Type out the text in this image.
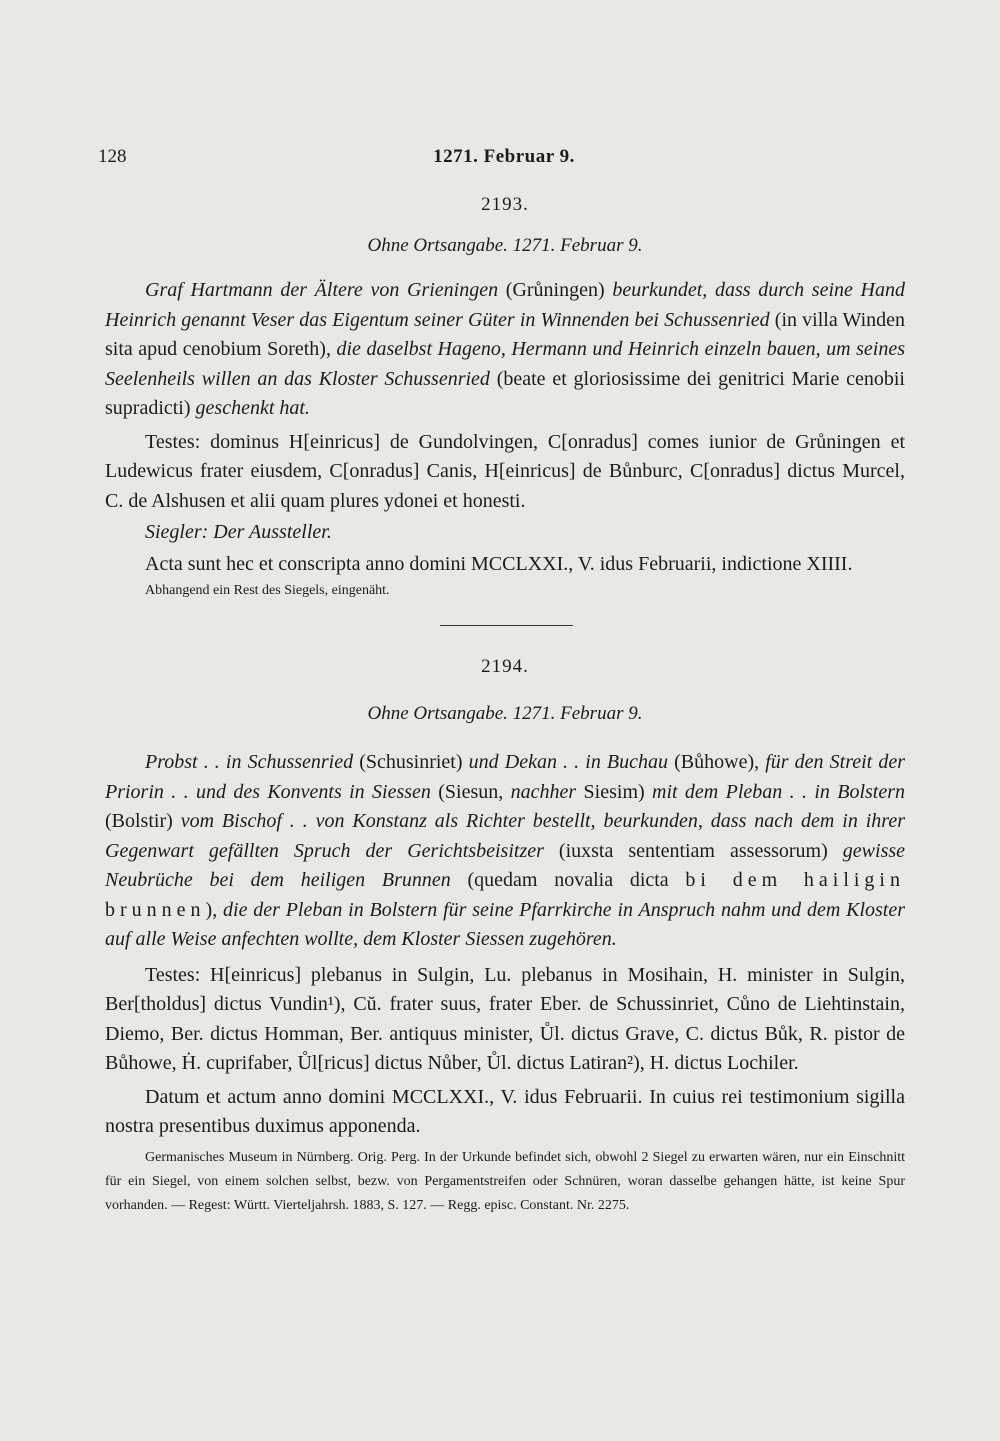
128	1271. Februar 9.
2193.
Ohne Ortsangabe. 1271. Februar 9.

Graf Hartmann der Ältere von Grieningen (Grůningen) beurkundet, dass durch seine Hand Heinrich genannt Veser das Eigentum seiner Güter in Winnenden bei Schussenried (in villa Winden sita apud cenobium Soreth), die daselbst Hageno, Hermann und Heinrich einzeln bauen, um seines Seelenheils willen an das Kloster Schussenried (beate et gloriosissime dei genitrici Marie cenobii supradicti) geschenkt hat.

Testes: dominus H[einricus] de Gundolvingen, C[onradus] comes iunior de Grůningen et Ludewicus frater eiusdem, C[onradus] Canis, H[einricus] de Bůnburc, C[onradus] dictus Murcel, C. de Alshusen et alii quam plures ydonei et honesti.

Siegler: Der Aussteller.

Acta sunt hec et conscripta anno domini MCCLXXI., V. idus Februarii, indictione XIIII.

Abhangend ein Rest des Siegels, eingenäht.

2194.
Ohne Ortsangabe. 1271. Februar 9.

Probst . . in Schussenried (Schusinriet) und Dekan . . in Buchau (Bůhowe), für den Streit der Priorin . . und des Konvents in Siessen (Siesun, nachher Siesim) mit dem Pleban . . in Bolstern (Bolstir) vom Bischof . . von Konstanz als Richter bestellt, beurkunden, dass nach dem in ihrer Gegenwart gefällten Spruch der Gerichtsbeisitzer (iuxsta sententiam assessorum) gewisse Neubrüche bei dem heiligen Brunnen (quedam novalia dicta bi dem hailigin brunnen), die der Pleban in Bolstern für seine Pfarrkirche in Anspruch nahm und dem Kloster auf alle Weise anfechten wollte, dem Kloster Siessen zugehören.

Testes: H[einricus] plebanus in Sulgin, Lu. plebanus in Mosihain, H. minister in Sulgin, Ber[tholdus] dictus Vundin¹), Cŭ. frater suus, frater Eber. de Schussinriet, Cůno de Liehtinstain, Diemo, Ber. dictus Homman, Ber. antiquus minister, Ůl. dictus Grave, C. dictus Bůk, R. pistor de Bůhowe, Ḣ. cuprifaber, Ůl[ricus] dictus Nůber, Ůl. dictus Latiran²), H. dictus Lochiler.

Datum et actum anno domini MCCLXXI., V. idus Februarii. In cuius rei testimonium sigilla nostra presentibus duximus apponenda.

Germanisches Museum in Nürnberg. Orig. Perg. In der Urkunde befindet sich, obwohl 2 Siegel zu erwarten wären, nur ein Einschnitt für ein Siegel, von einem solchen selbst, bezw. von Pergamentstreifen oder Schnüren, woran dasselbe gehangen hätte, ist keine Spur vorhanden. — Regest: Württ. Vierteljahrsh. 1883, S. 127. — Regg. episc. Constant. Nr. 2275.
